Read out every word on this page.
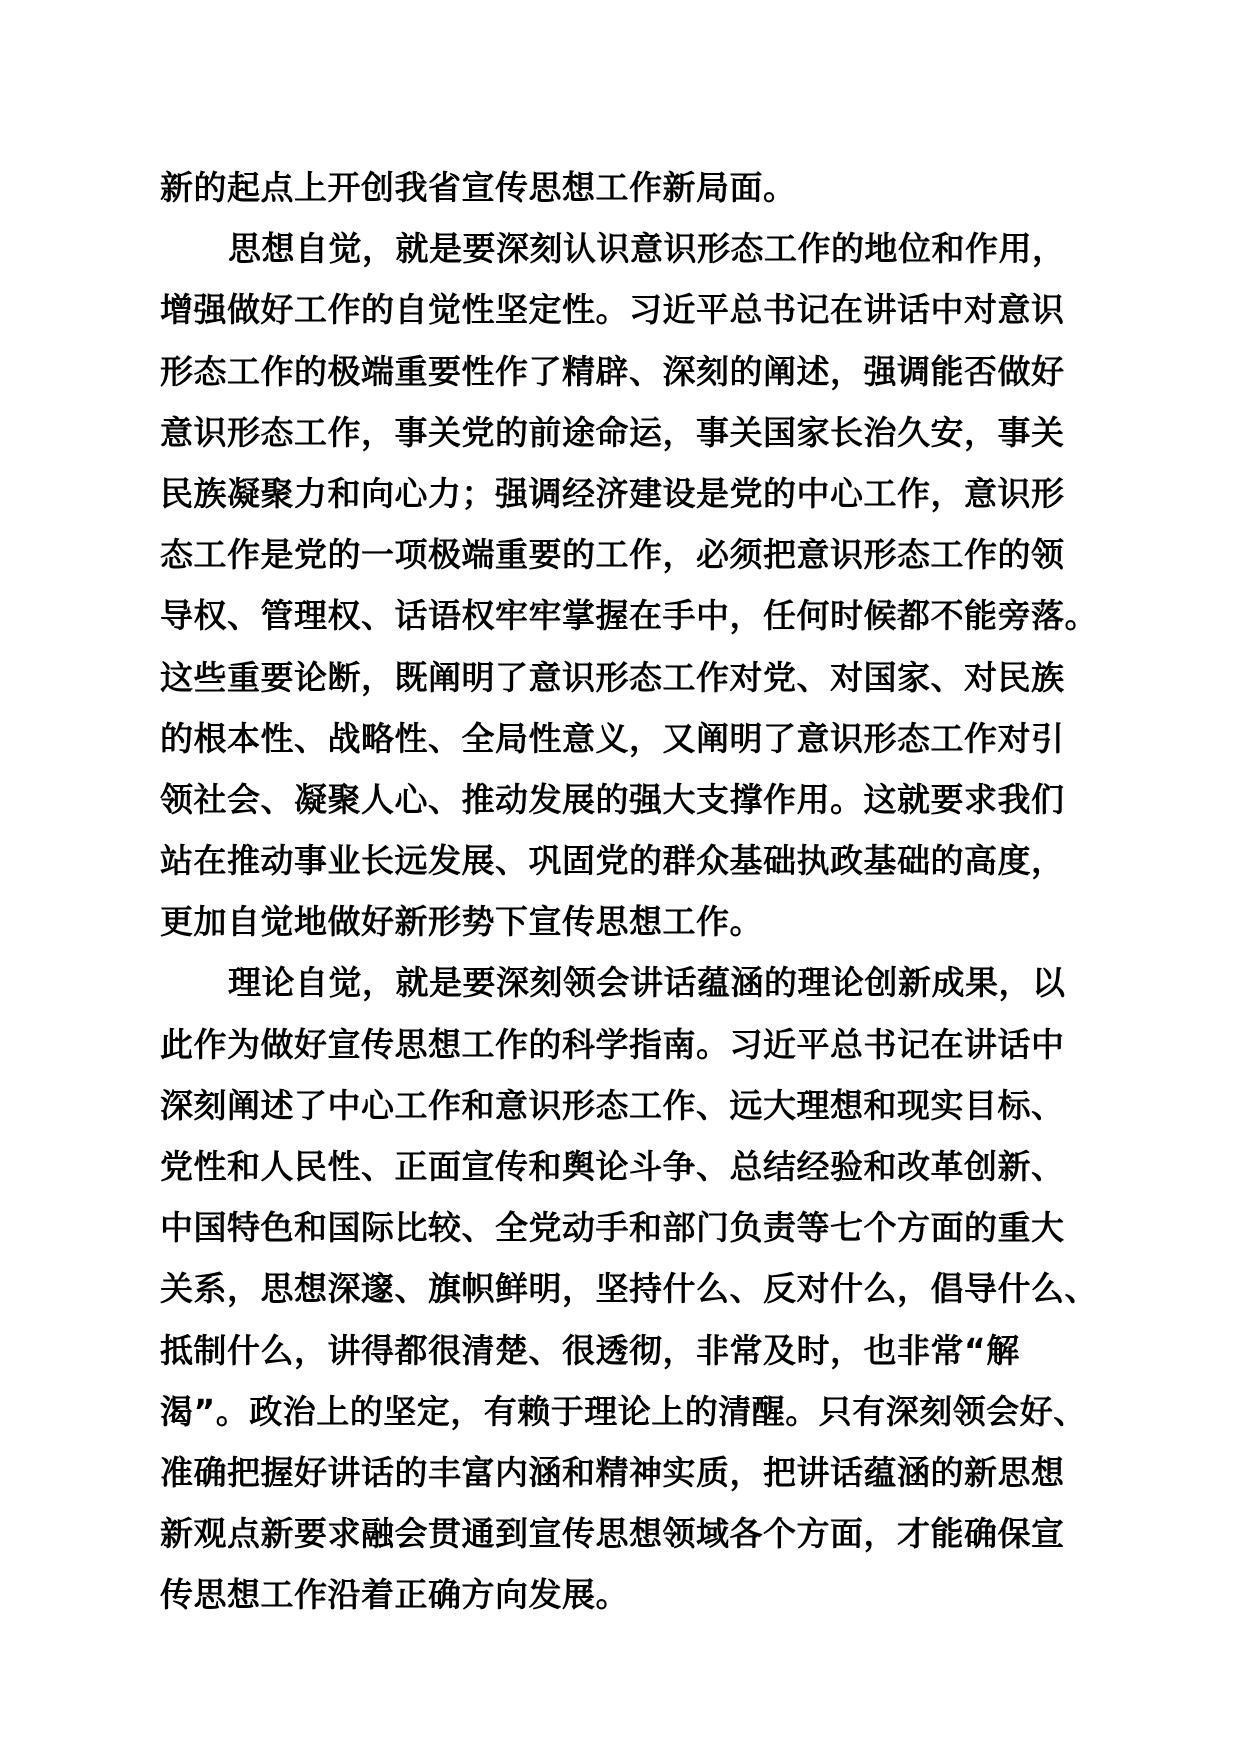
新的起点上开创我省宣传思想工作新局面。
思想自觉，就是要深刻认识意识形态工作的地位和作用，
增强做好工作的自觉性坚定性。习近平总书记在讲话中对意识
形态工作的极端重要性作了精辟、深刻的阐述，强调能否做好
意识形态工作，事关党的前途命运，事关国家长治久安，事关
民族凝聚力和向心力；强调经济建设是党的中心工作，意识形
态工作是党的一项极端重要的工作，必须把意识形态工作的领
导权、管理权、话语权牢牢掌握在手中，任何时候都不能旁落。
这些重要论断，既阐明了意识形态工作对党、对国家、对民族
的根本性、战略性、全局性意义，又阐明了意识形态工作对引
领社会、凝聚人心、推动发展的强大支撑作用。这就要求我们
站在推动事业长远发展、巩固党的群众基础执政基础的高度，
更加自觉地做好新形势下宣传思想工作。
理论自觉，就是要深刻领会讲话蕴涵的理论创新成果，以
此作为做好宣传思想工作的科学指南。习近平总书记在讲话中
深刻阐述了中心工作和意识形态工作、远大理想和现实目标、
党性和人民性、正面宣传和舆论斗争、总结经验和改革创新、
中国特色和国际比较、全党动手和部门负责等七个方面的重大
关系，思想深邃、旗帜鲜明，坚持什么、反对什么，倡导什么、
抵制什么，讲得都很清楚、很透彻，非常及时，也非常“解
渴”。政治上的坚定，有赖于理论上的清醒。只有深刻领会好、
准确把握好讲话的丰富内涵和精神实质，把讲话蕴涵的新思想
新观点新要求融会贯通到宣传思想领域各个方面，才能确保宣
传思想工作沿着正确方向发展。
